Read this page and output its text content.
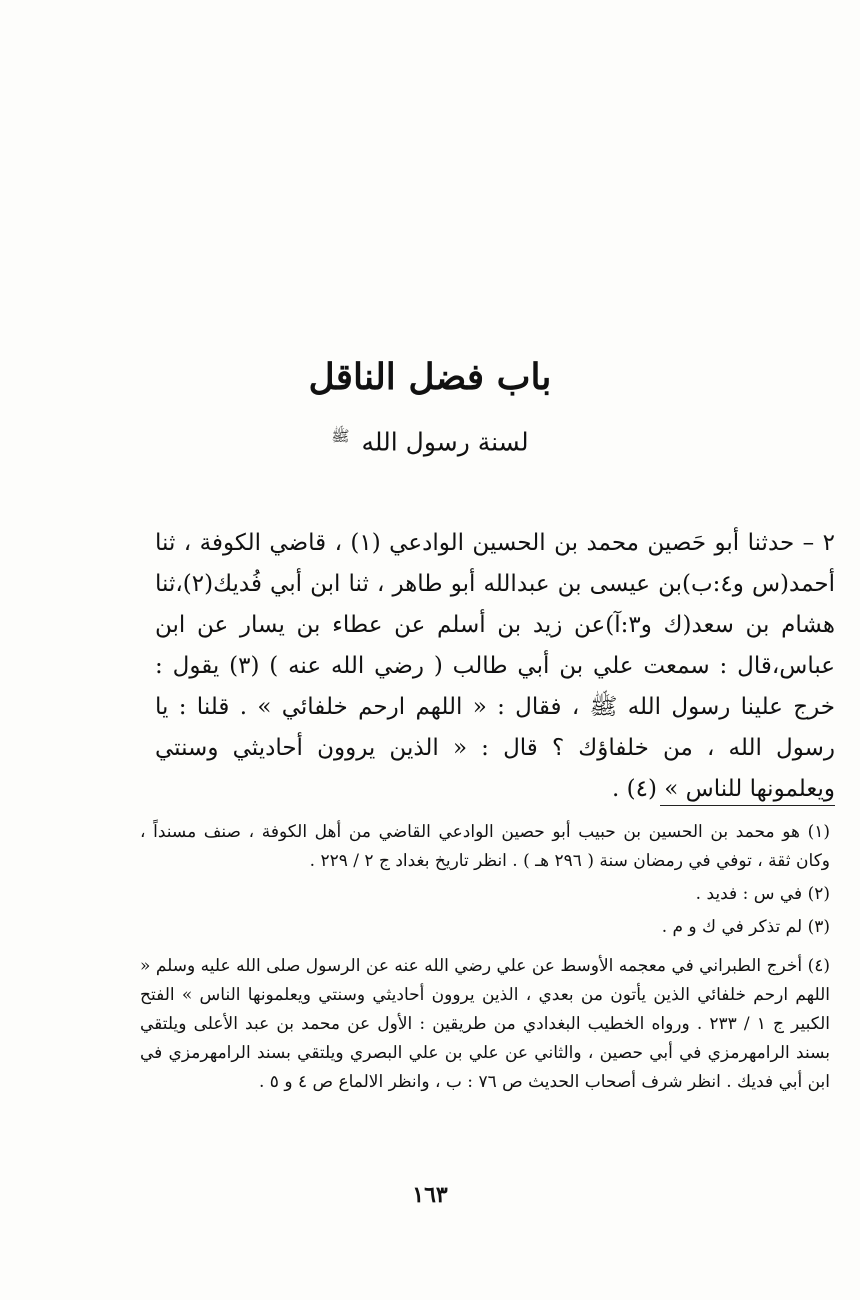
باب فضل الناقل
لسنة رسول الله ﷺ

٢ – حدثنا أبو حَصين محمد بن الحسين الوادعي (١) ، قاضي الكوفة ، ثنا أحمد(س و٤:ب)بن عيسى بن عبدالله أبو طاهر ، ثنا ابن أبي فُديك(٢)،ثنا هشام بن سعد(ك و٣:آ)عن زيد بن أسلم عن عطاء بن يسار عن ابن عباس،قال : سمعت علي بن أبي طالب ( رضي الله عنه ) (٣) يقول : خرج علينا رسول الله ﷺ ، فقال : « اللهم ارحم خلفائي » . قلنا : يا رسول الله ، من خلفاؤك ؟ قال : « الذين يروون أحاديثي وسنتي ويعلمونها للناس » (٤) .

(١) هو محمد بن الحسين بن حبيب أبو حصين الوادعي القاضي من أهل الكوفة ، صنف مسنداً ، وكان ثقة ، توفي في رمضان سنة ( ٢٩٦ هـ ) . انظر تاريخ بغداد ج ٢ / ٢٢٩ .

(٢) في س : فديد .

(٣) لم تذكر في ك و م .

(٤) أخرج الطبراني في معجمه الأوسط عن علي رضي الله عنه عن الرسول صلى الله عليه وسلم « اللهم ارحم خلفائي الذين يأتون من بعدي ، الذين يروون أحاديثي وسنتي ويعلمونها الناس » الفتح الكبير ج ١ / ٢٣٣ . ورواه الخطيب البغدادي من طريقين : الأول عن محمد بن عبد الأعلى ويلتقي بسند الرامهرمزي في أبي حصين ، والثاني عن علي بن علي البصري ويلتقي بسند الرامهرمزي في ابن أبي فديك . انظر شرف أصحاب الحديث ص ٧٦ : ب ، وانظر الالماع ص ٤ و ٥ .

١٦٣
